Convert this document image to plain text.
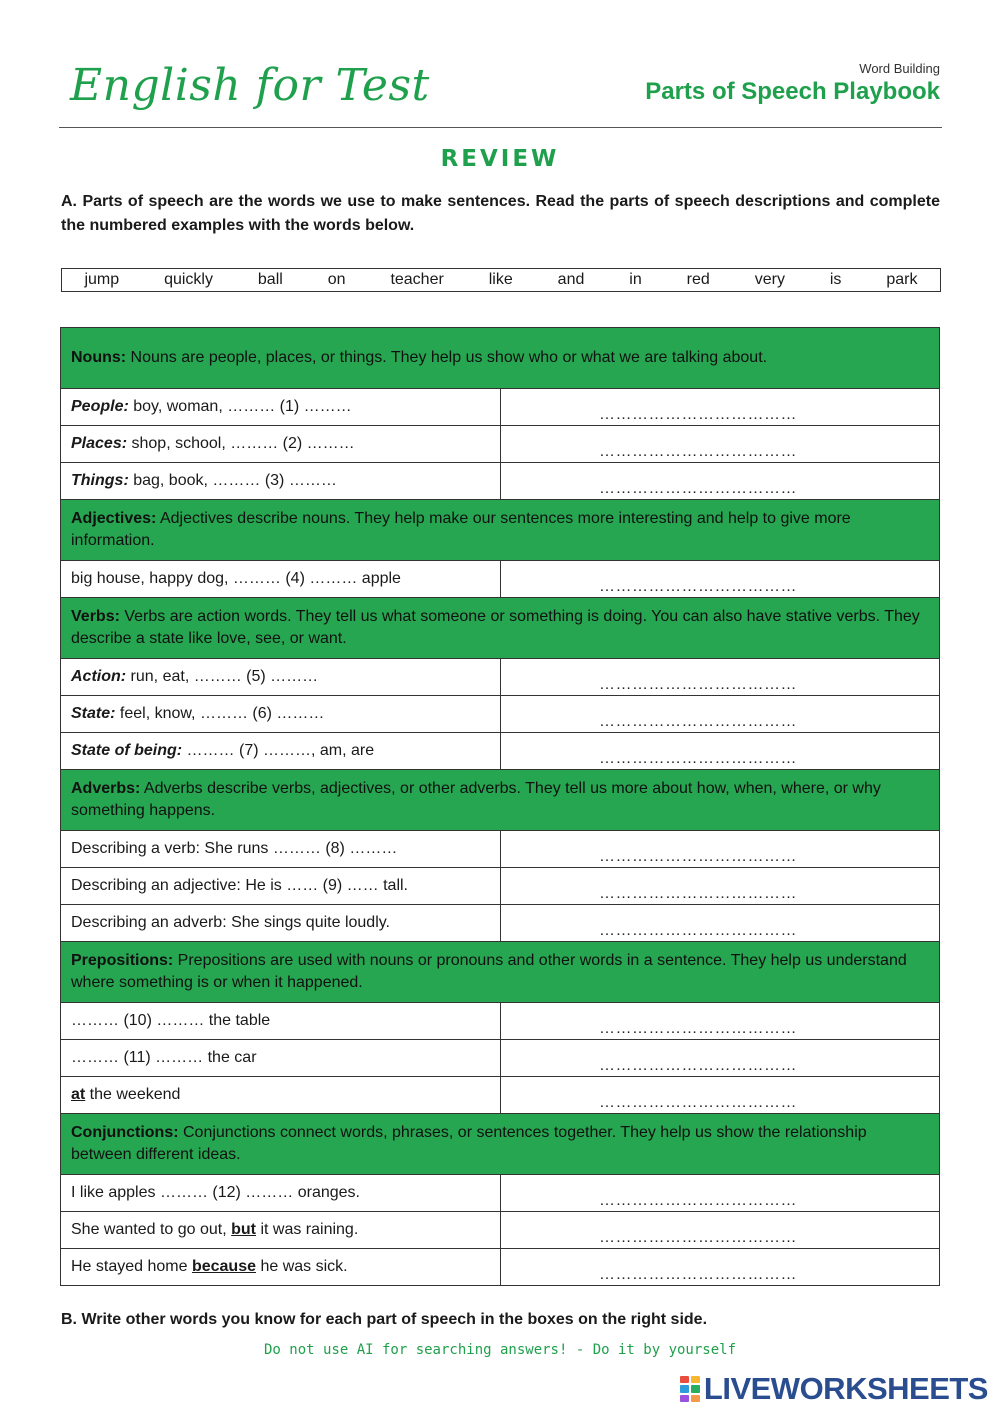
English for Test	Word Building
Parts of Speech Playbook
REVIEW
A. Parts of speech are the words we use to make sentences. Read the parts of speech descriptions and complete the numbered examples with the words below.
jump	quickly	ball	on	teacher	like	and	in	red	very	is	park
Nouns: Nouns are people, places, or things. They help us show who or what we are talking about.	
People: boy, woman, ……… (1) ………	………………………………

Places: shop, school, ……… (2) ………	………………………………

Things: bag, book, ……… (3) ………	………………………………

Adjectives: Adjectives describe nouns. They help make our sentences more interesting and help to give more information.	
big house, happy dog, ……… (4) ……… apple	………………………………

Verbs: Verbs are action words. They tell us what someone or something is doing. You can also have stative verbs. They describe a state like love, see, or want.	
Action: run, eat, ……… (5) ………	………………………………

State: feel, know, ……… (6) ………	………………………………

State of being: ……… (7) ………, am, are	………………………………

Adverbs: Adverbs describe verbs, adjectives, or other adverbs. They tell us more about how, when, where, or why something happens.	
Describing a verb: She runs ……… (8) ………	………………………………

Describing an adjective: He is …… (9) …… tall.	………………………………

Describing an adverb: She sings quite loudly.	………………………………

Prepositions: Prepositions are used with nouns or pronouns and other words in a sentence. They help us understand where something is or when it happened.	
……… (10) ……… the table	………………………………

……… (11) ……… the car	………………………………

at the weekend	………………………………

Conjunctions: Conjunctions connect words, phrases, or sentences together. They help us show the relationship between different ideas.	
I like apples ……… (12) ……… oranges.	………………………………

She wanted to go out, but it was raining.	………………………………

He stayed home because he was sick.	………………………………
B. Write other words you know for each part of speech in the boxes on the right side.
Do not use AI for searching answers! - Do it by yourself
LIVEWORKSHEETS
